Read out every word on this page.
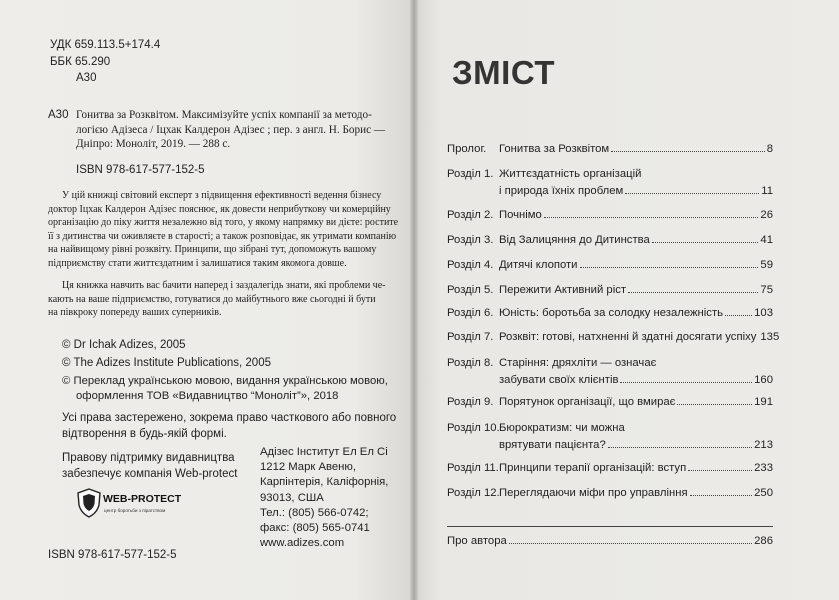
УДК 659.113.5+174.4
ББК 65.290
А30
А30 Гонитва за Розквітом. Максимізуйте успіх компанії за методо-
логією Адізеса / Іцхак Калдерон Адізес ; пер. з англ. Н. Борис —
Дніпро: Моноліт, 2019. — 288 с.
ISBN 978-617-577-152-5
У цій книжці світовий експерт з підвищення ефективності ведення бізнесу
доктор Іцхак Калдерон Адізес пояснює, як довести неприбуткову чи комерційну
організацію до піку життя незалежно від того, у якому напрямку ви дієте: ростите
її з дитинства чи оживляєте в старості; а також розповідає, як утримати компанію
на найвищому рівні розквіту. Принципи, що зібрані тут, допоможуть вашому
підприємству стати життєздатним і залишатися таким якомога довше.
Ця книжка навчить вас бачити наперед і заздалегідь знати, які проблеми че-
кають на ваше підприємство, готуватися до майбутнього вже сьогодні й бути
на півкроку попереду ваших суперників.
© Dr Ichak Adizes, 2005
© The Adizes Institute Publications, 2005
© Переклад українською мовою, видання українською мовою,
оформлення ТОВ «Видавництво “Моноліт”», 2018
Усі права застережено, зокрема право часткового або повного
відтворення в будь-якій формі.
Правову підтримку видавництва
забезпечує компанія Web-protect
WEB-PROTECT
центр боротьби з піратством
Адізес Інститут Ел Ел Сі
1212 Марк Авеню,
Карпінтерія, Каліфорнія,
93013, США
Тел.: (805) 566-0742;
факс: (805) 565-0741
www.adizes.com
ISBN 978-617-577-152-5
ЗМІСТ
Пролог. Гонитва за Розквітом	8
Розділ 1. Життєздатність організацій
і природа їхніх проблем	11
Розділ 2. Почнімо	26
Розділ 3. Від Залицяння до Дитинства	41
Розділ 4. Дитячі клопоти	59
Розділ 5. Пережити Активний ріст	75
Розділ 6. Юність: боротьба за солодку незалежність	103
Розділ 7. Розквіт: готові, натхненні й здатні досягати успіху 135
Розділ 8. Старіння: дряхліти — означає
забувати своїх клієнтів	160
Розділ 9. Порятунок організації, що вмирає	191
Розділ 10. Бюрократизм: чи можна
врятувати пацієнта?	213
Розділ 11. Принципи терапії організацій: вступ	233
Розділ 12. Переглядаючи міфи про управління	250
Про автора	286
